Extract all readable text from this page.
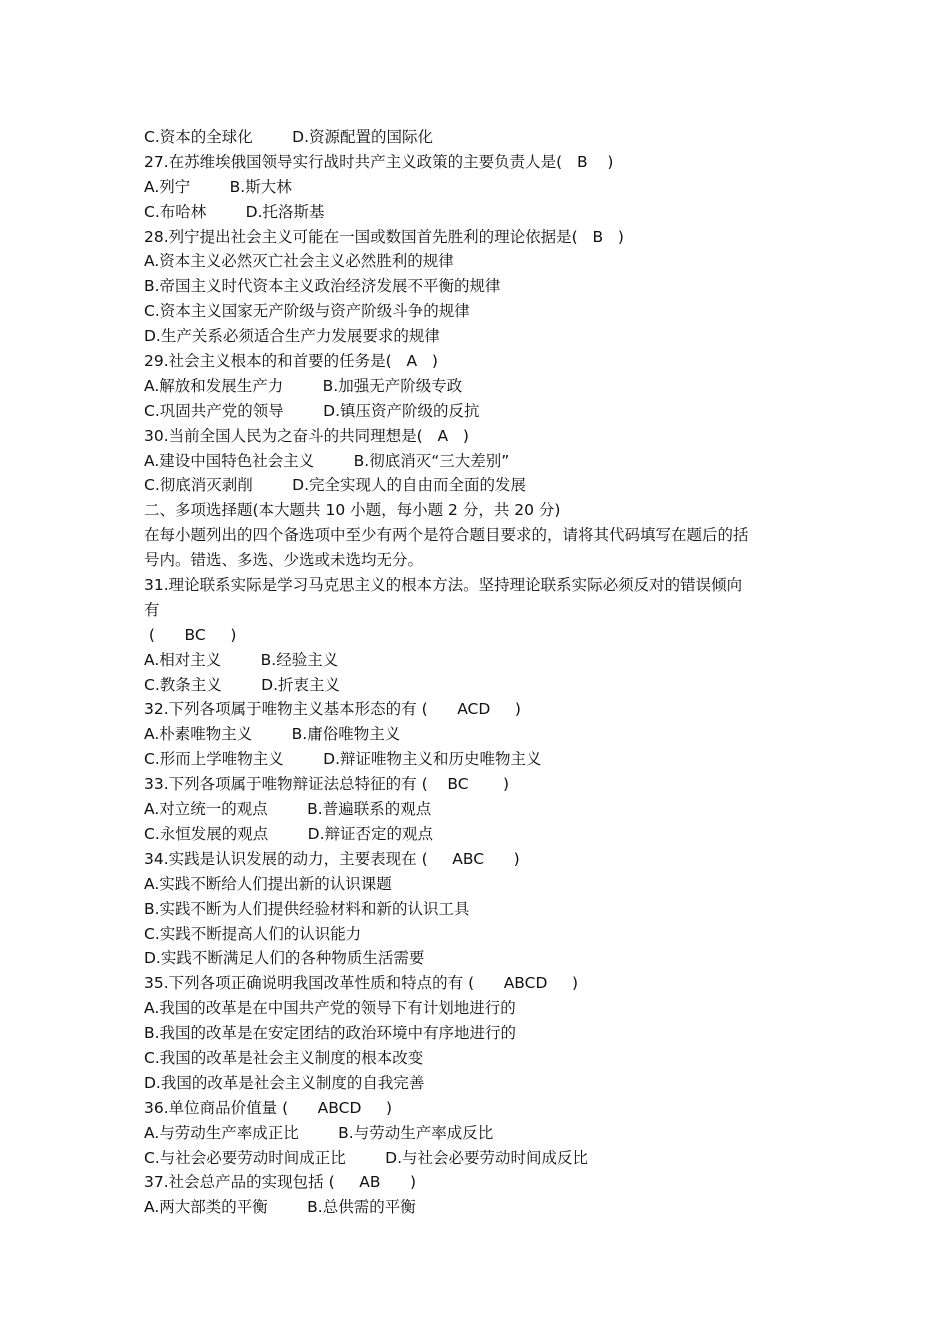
C.资本的全球化        D.资源配置的国际化
27.在苏维埃俄国领导实行战时共产主义政策的主要负责人是(   B    )
A.列宁        B.斯大林
C.布哈林        D.托洛斯基
28.列宁提出社会主义可能在一国或数国首先胜利的理论依据是(   B   )
A.资本主义必然灭亡社会主义必然胜利的规律
B.帝国主义时代资本主义政治经济发展不平衡的规律
C.资本主义国家无产阶级与资产阶级斗争的规律
D.生产关系必须适合生产力发展要求的规律
29.社会主义根本的和首要的任务是(   A   )
A.解放和发展生产力        B.加强无产阶级专政
C.巩固共产党的领导        D.镇压资产阶级的反抗
30.当前全国人民为之奋斗的共同理想是(   A   )
A.建设中国特色社会主义        B.彻底消灭“三大差别”
C.彻底消灭剥削        D.完全实现人的自由而全面的发展
二、多项选择题(本大题共 10 小题，每小题 2 分，共 20 分)
在每小题列出的四个备选项中至少有两个是符合题目要求的，请将其代码填写在题后的括
号内。错选、多选、少选或未选均无分。
31.理论联系实际是学习马克思主义的根本方法。坚持理论联系实际必须反对的错误倾向
有
(      BC     )
A.相对主义        B.经验主义
C.教条主义        D.折衷主义
32.下列各项属于唯物主义基本形态的有 (      ACD     )
A.朴素唯物主义        B.庸俗唯物主义
C.形而上学唯物主义        D.辩证唯物主义和历史唯物主义
33.下列各项属于唯物辩证法总特征的有 (    BC       )
A.对立统一的观点        B.普遍联系的观点
C.永恒发展的观点        D.辩证否定的观点
34.实践是认识发展的动力，主要表现在 (     ABC      )
A.实践不断给人们提出新的认识课题
B.实践不断为人们提供经验材料和新的认识工具
C.实践不断提高人们的认识能力
D.实践不断满足人们的各种物质生活需要
35.下列各项正确说明我国改革性质和特点的有 (      ABCD     )
A.我国的改革是在中国共产党的领导下有计划地进行的
B.我国的改革是在安定团结的政治环境中有序地进行的
C.我国的改革是社会主义制度的根本改变
D.我国的改革是社会主义制度的自我完善
36.单位商品价值量 (      ABCD     )
A.与劳动生产率成正比        B.与劳动生产率成反比
C.与社会必要劳动时间成正比        D.与社会必要劳动时间成反比
37.社会总产品的实现包括 (     AB      )
A.两大部类的平衡        B.总供需的平衡
